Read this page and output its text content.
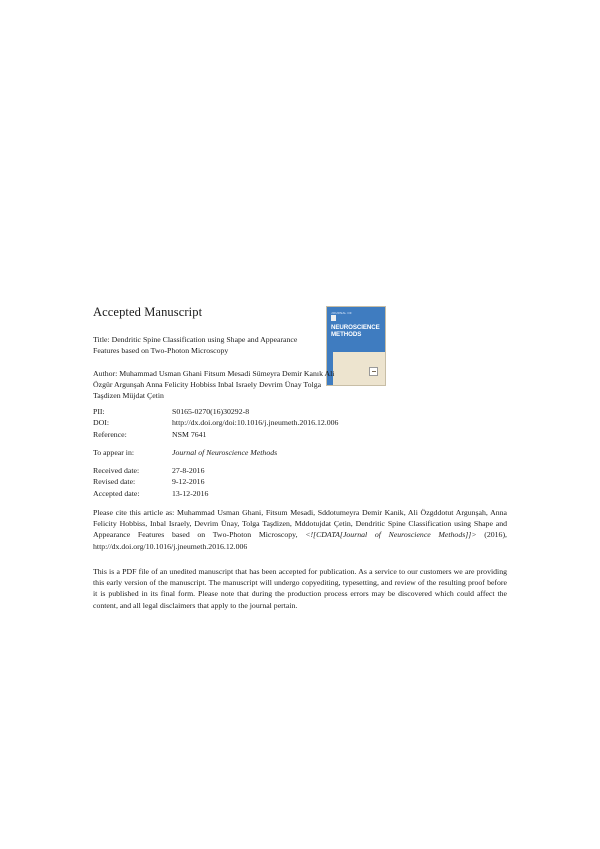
Accepted Manuscript	JOURNAL OF
NEUROSCIENCE
METHODS
Title: Dendritic Spine Classification using Shape and Appearance Features based on Two-Photon Microscopy
Author: Muhammad Usman Ghani Fitsum Mesadi Sümeyra Demir Kanık Ali Özgür Argunşah Anna Felicity Hobbiss Inbal Israely Devrim Ünay Tolga Taşdizen Müjdat Çetin
PII:	S0165-0270(16)30292-8
DOI:	http://dx.doi.org/doi:10.1016/j.jneumeth.2016.12.006
Reference:	NSM 7641
To appear in:	Journal of Neuroscience Methods
Received date:	27-8-2016
Revised date:	9-12-2016
Accepted date:	13-12-2016
Please cite this article as: Muhammad Usman Ghani, Fitsum Mesadi, Sddotumeyra Demir Kanik, Ali Özgddotut Argunşah, Anna Felicity Hobbiss, Inbal Israely, Devrim Ünay, Tolga Taşdizen, Mddotujdat Çetin, Dendritic Spine Classification using Shape and Appearance Features based on Two-Photon Microscopy, <![CDATA[Journal of Neuroscience Methods]]> (2016), http://dx.doi.org/10.1016/j.jneumeth.2016.12.006
This is a PDF file of an unedited manuscript that has been accepted for publication. As a service to our customers we are providing this early version of the manuscript. The manuscript will undergo copyediting, typesetting, and review of the resulting proof before it is published in its final form. Please note that during the production process errors may be discovered which could affect the content, and all legal disclaimers that apply to the journal pertain.
